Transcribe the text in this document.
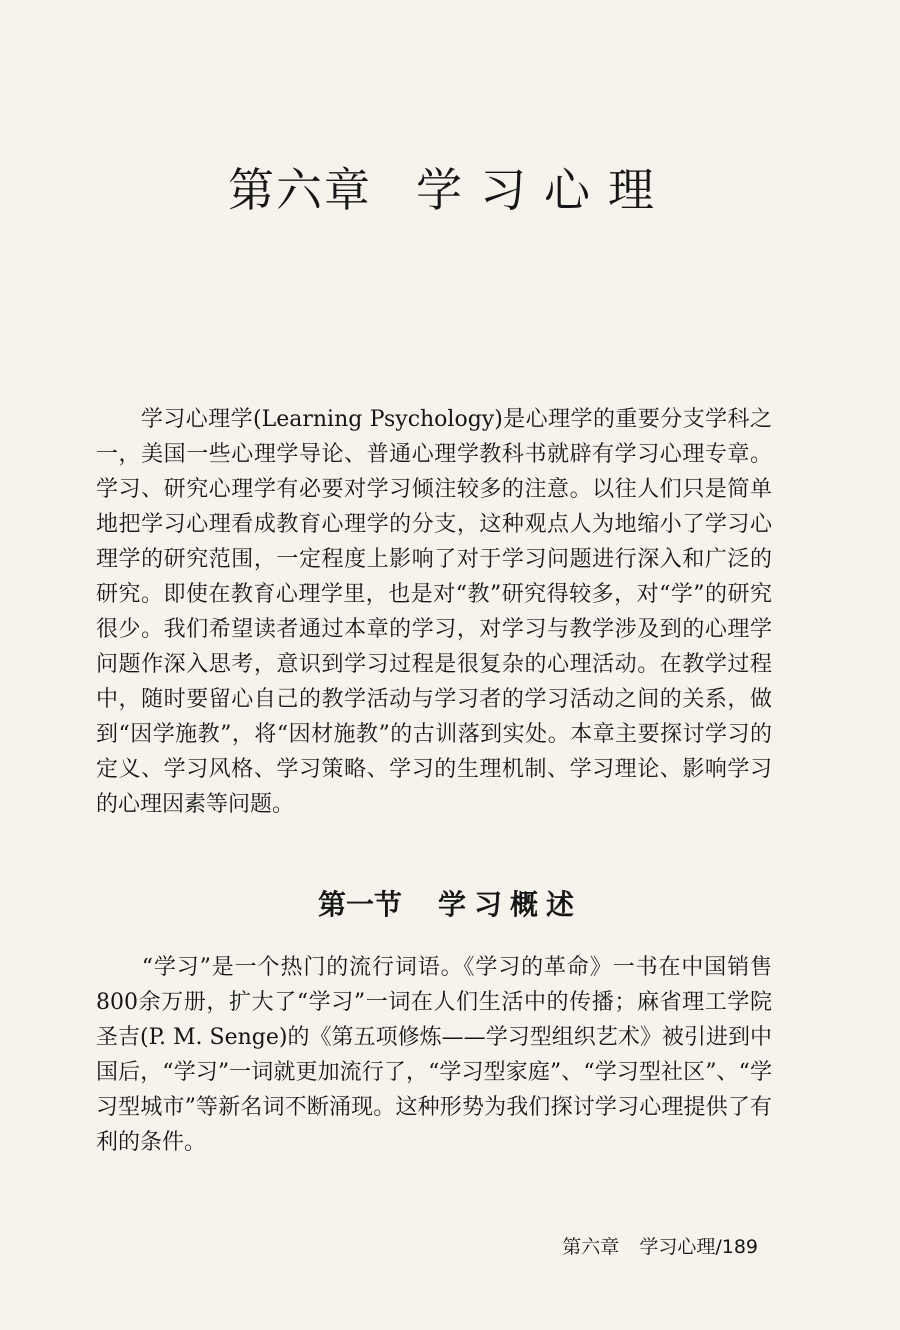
第六章 学习心理

　　学习心理学(Learning Psychology)是心理学的重要分支学科之一，美国一些心理学导论、普通心理学教科书就辟有学习心理专章。学习、研究心理学有必要对学习倾注较多的注意。以往人们只是简单地把学习心理看成教育心理学的分支，这种观点人为地缩小了学习心理学的研究范围，一定程度上影响了对于学习问题进行深入和广泛的研究。即使在教育心理学里，也是对“教”研究得较多，对“学”的研究很少。我们希望读者通过本章的学习，对学习与教学涉及到的心理学问题作深入思考，意识到学习过程是很复杂的心理活动。在教学过程中，随时要留心自己的教学活动与学习者的学习活动之间的关系，做到“因学施教”，将“因材施教”的古训落到实处。本章主要探讨学习的定义、学习风格、学习策略、学习的生理机制、学习理论、影响学习的心理因素等问题。

第一节 学习概述

　　“学习”是一个热门的流行词语。《学习的革命》一书在中国销售800余万册，扩大了“学习”一词在人们生活中的传播；麻省理工学院圣吉(P. M. Senge)的《第五项修炼——学习型组织艺术》被引进到中国后，“学习”一词就更加流行了，“学习型家庭”、“学习型社区”、“学习型城市”等新名词不断涌现。这种形势为我们探讨学习心理提供了有利的条件。

第六章 学习心理/189
